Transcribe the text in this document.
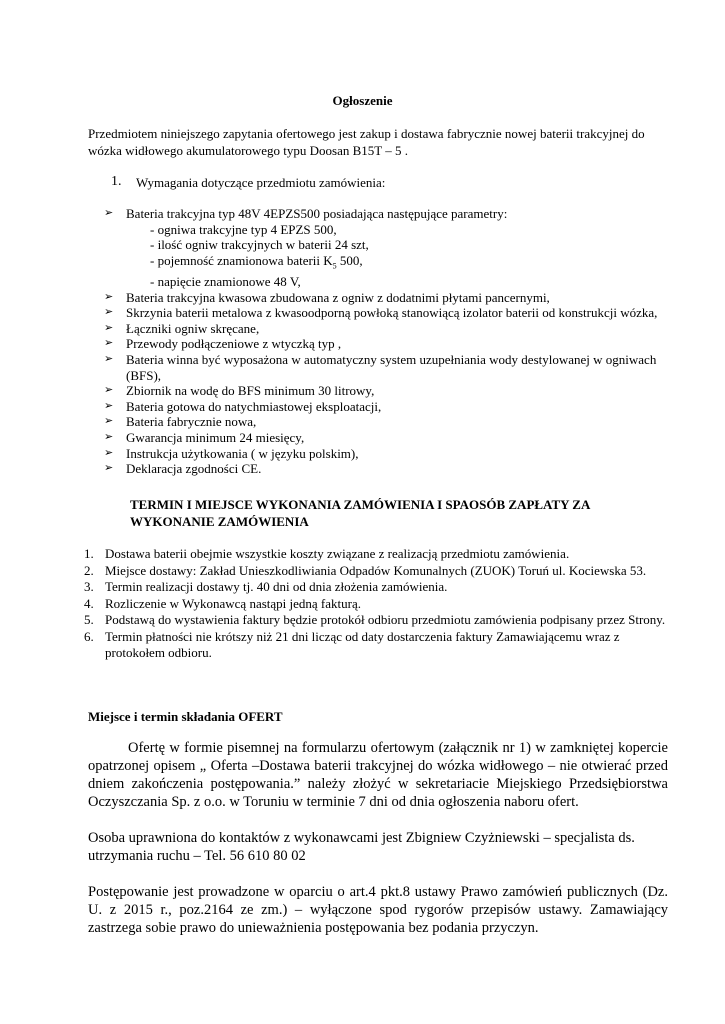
Ogłoszenie
Przedmiotem niniejszego zapytania ofertowego jest zakup i dostawa fabrycznie nowej baterii trakcyjnej do wózka widłowego akumulatorowego typu Doosan B15T – 5 .
1. Wymagania dotyczące przedmiotu zamówienia:
➢ Bateria trakcyjna typ 48V 4EPZS500 posiadająca następujące parametry:
- ogniwa trakcyjne typ 4 EPZS 500,
- ilość ogniw trakcyjnych w baterii 24 szt,
- pojemność znamionowa baterii $K_5$ 500,
- napięcie znamionowe 48 V,
➢ Bateria trakcyjna kwasowa zbudowana z ogniw z dodatnimi płytami pancernymi,
➢ Skrzynia baterii metalowa z kwasoodporną powłoką stanowiącą izolator baterii od konstrukcji wózka,
➢ Łączniki ogniw skręcane,
➢ Przewody podłączeniowe z wtyczką typ ,
➢ Bateria winna być wyposażona w automatyczny system uzupełniania wody destylowanej w ogniwach (BFS),
➢ Zbiornik na wodę do BFS minimum 30 litrowy,
➢ Bateria gotowa do natychmiastowej eksploatacji,
➢ Bateria fabrycznie nowa,
➢ Gwarancja minimum 24 miesięcy,
➢ Instrukcja użytkowania ( w języku polskim),
➢ Deklaracja zgodności CE.
TERMIN I MIEJSCE WYKONANIA ZAMÓWIENIA I SPAOSÓB ZAPŁATY ZA WYKONANIE ZAMÓWIENIA
1. Dostawa baterii obejmie wszystkie koszty związane z realizacją przedmiotu zamówienia.
2. Miejsce dostawy: Zakład Unieszkodliwiania Odpadów Komunalnych (ZUOK) Toruń ul. Kociewska 53.
3. Termin realizacji dostawy tj. 40 dni od dnia złożenia zamówienia.
4. Rozliczenie w Wykonawcą nastąpi jedną fakturą.
5. Podstawą do wystawienia faktury będzie protokół odbioru przedmiotu zamówienia podpisany przez Strony.
6. Termin płatności nie krótszy niż 21 dni licząc od daty dostarczenia faktury Zamawiającemu wraz z protokołem odbioru.
Miejsce i termin składania OFERT
Ofertę w formie pisemnej na formularzu ofertowym (załącznik nr 1) w zamkniętej kopercie opatrzonej opisem „ Oferta –Dostawa baterii trakcyjnej do wózka widłowego – nie otwierać przed dniem zakończenia postępowania.” należy złożyć w sekretariacie Miejskiego Przedsiębiorstwa Oczyszczania Sp. z o.o. w Toruniu w terminie 7 dni od dnia ogłoszenia naboru ofert.
Osoba uprawniona do kontaktów z wykonawcami jest Zbigniew Czyżniewski – specjalista ds. utrzymania ruchu – Tel. 56 610 80 02
Postępowanie jest prowadzone w oparciu o art.4 pkt.8 ustawy Prawo zamówień publicznych (Dz. U. z 2015 r., poz.2164 ze zm.) – wyłączone spod rygorów przepisów ustawy. Zamawiający zastrzega sobie prawo do unieważnienia postępowania bez podania przyczyn.
